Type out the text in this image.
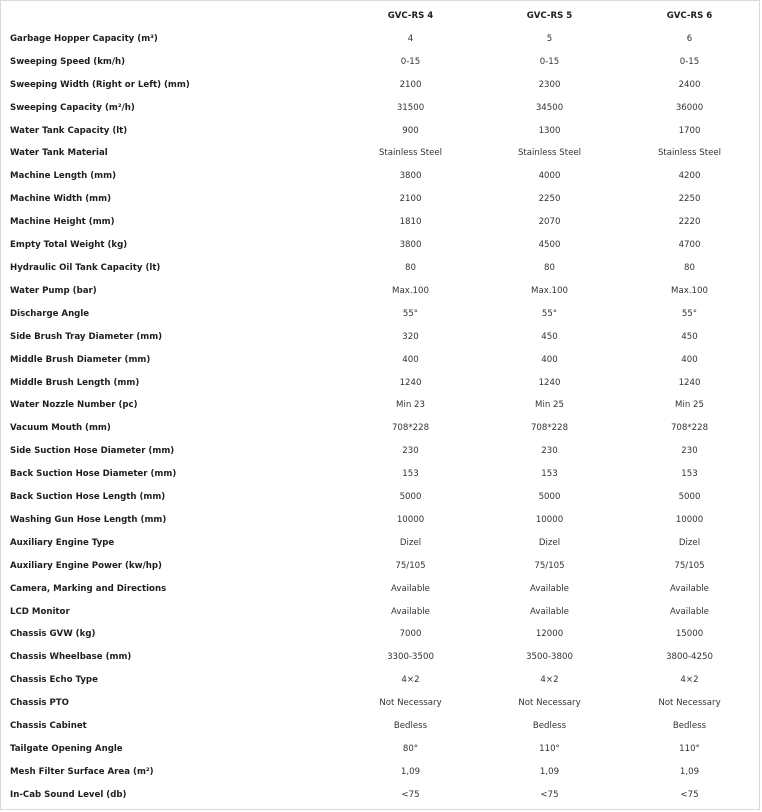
	GVC-RS 4	GVC-RS 5	GVC-RS 6
Garbage Hopper Capacity (m³)	4	5	6
Sweeping Speed (km/h)	0-15	0-15	0-15
Sweeping Width (Right or Left) (mm)	2100	2300	2400
Sweeping Capacity (m²/h)	31500	34500	36000
Water Tank Capacity (lt)	900	1300	1700
Water Tank Material	Stainless Steel	Stainless Steel	Stainless Steel
Machine Length (mm)	3800	4000	4200
Machine Width (mm)	2100	2250	2250
Machine Height (mm)	1810	2070	2220
Empty Total Weight (kg)	3800	4500	4700
Hydraulic Oil Tank Capacity (lt)	80	80	80
Water Pump (bar)	Max.100	Max.100	Max.100
Discharge Angle	55°	55°	55°
Side Brush Tray Diameter (mm)	320	450	450
Middle Brush Diameter (mm)	400	400	400
Middle Brush Length (mm)	1240	1240	1240
Water Nozzle Number (pc)	Min 23	Min 25	Min 25
Vacuum Mouth (mm)	708*228	708*228	708*228
Side Suction Hose Diameter (mm)	230	230	230
Back Suction Hose Diameter (mm)	153	153	153
Back Suction Hose Length (mm)	5000	5000	5000
Washing Gun Hose Length (mm)	10000	10000	10000
Auxiliary Engine Type	Dizel	Dizel	Dizel
Auxiliary Engine Power (kw/hp)	75/105	75/105	75/105
Camera, Marking and Directions	Available	Available	Available
LCD Monitor	Available	Available	Available
Chassis GVW (kg)	7000	12000	15000
Chassis Wheelbase (mm)	3300-3500	3500-3800	3800-4250
Chassis Echo Type	4×2	4×2	4×2
Chassis PTO	Not Necessary	Not Necessary	Not Necessary
Chassis Cabinet	Bedless	Bedless	Bedless
Tailgate Opening Angle	80°	110°	110°
Mesh Filter Surface Area (m²)	1,09	1,09	1,09
In-Cab Sound Level (db)	<75	<75	<75
